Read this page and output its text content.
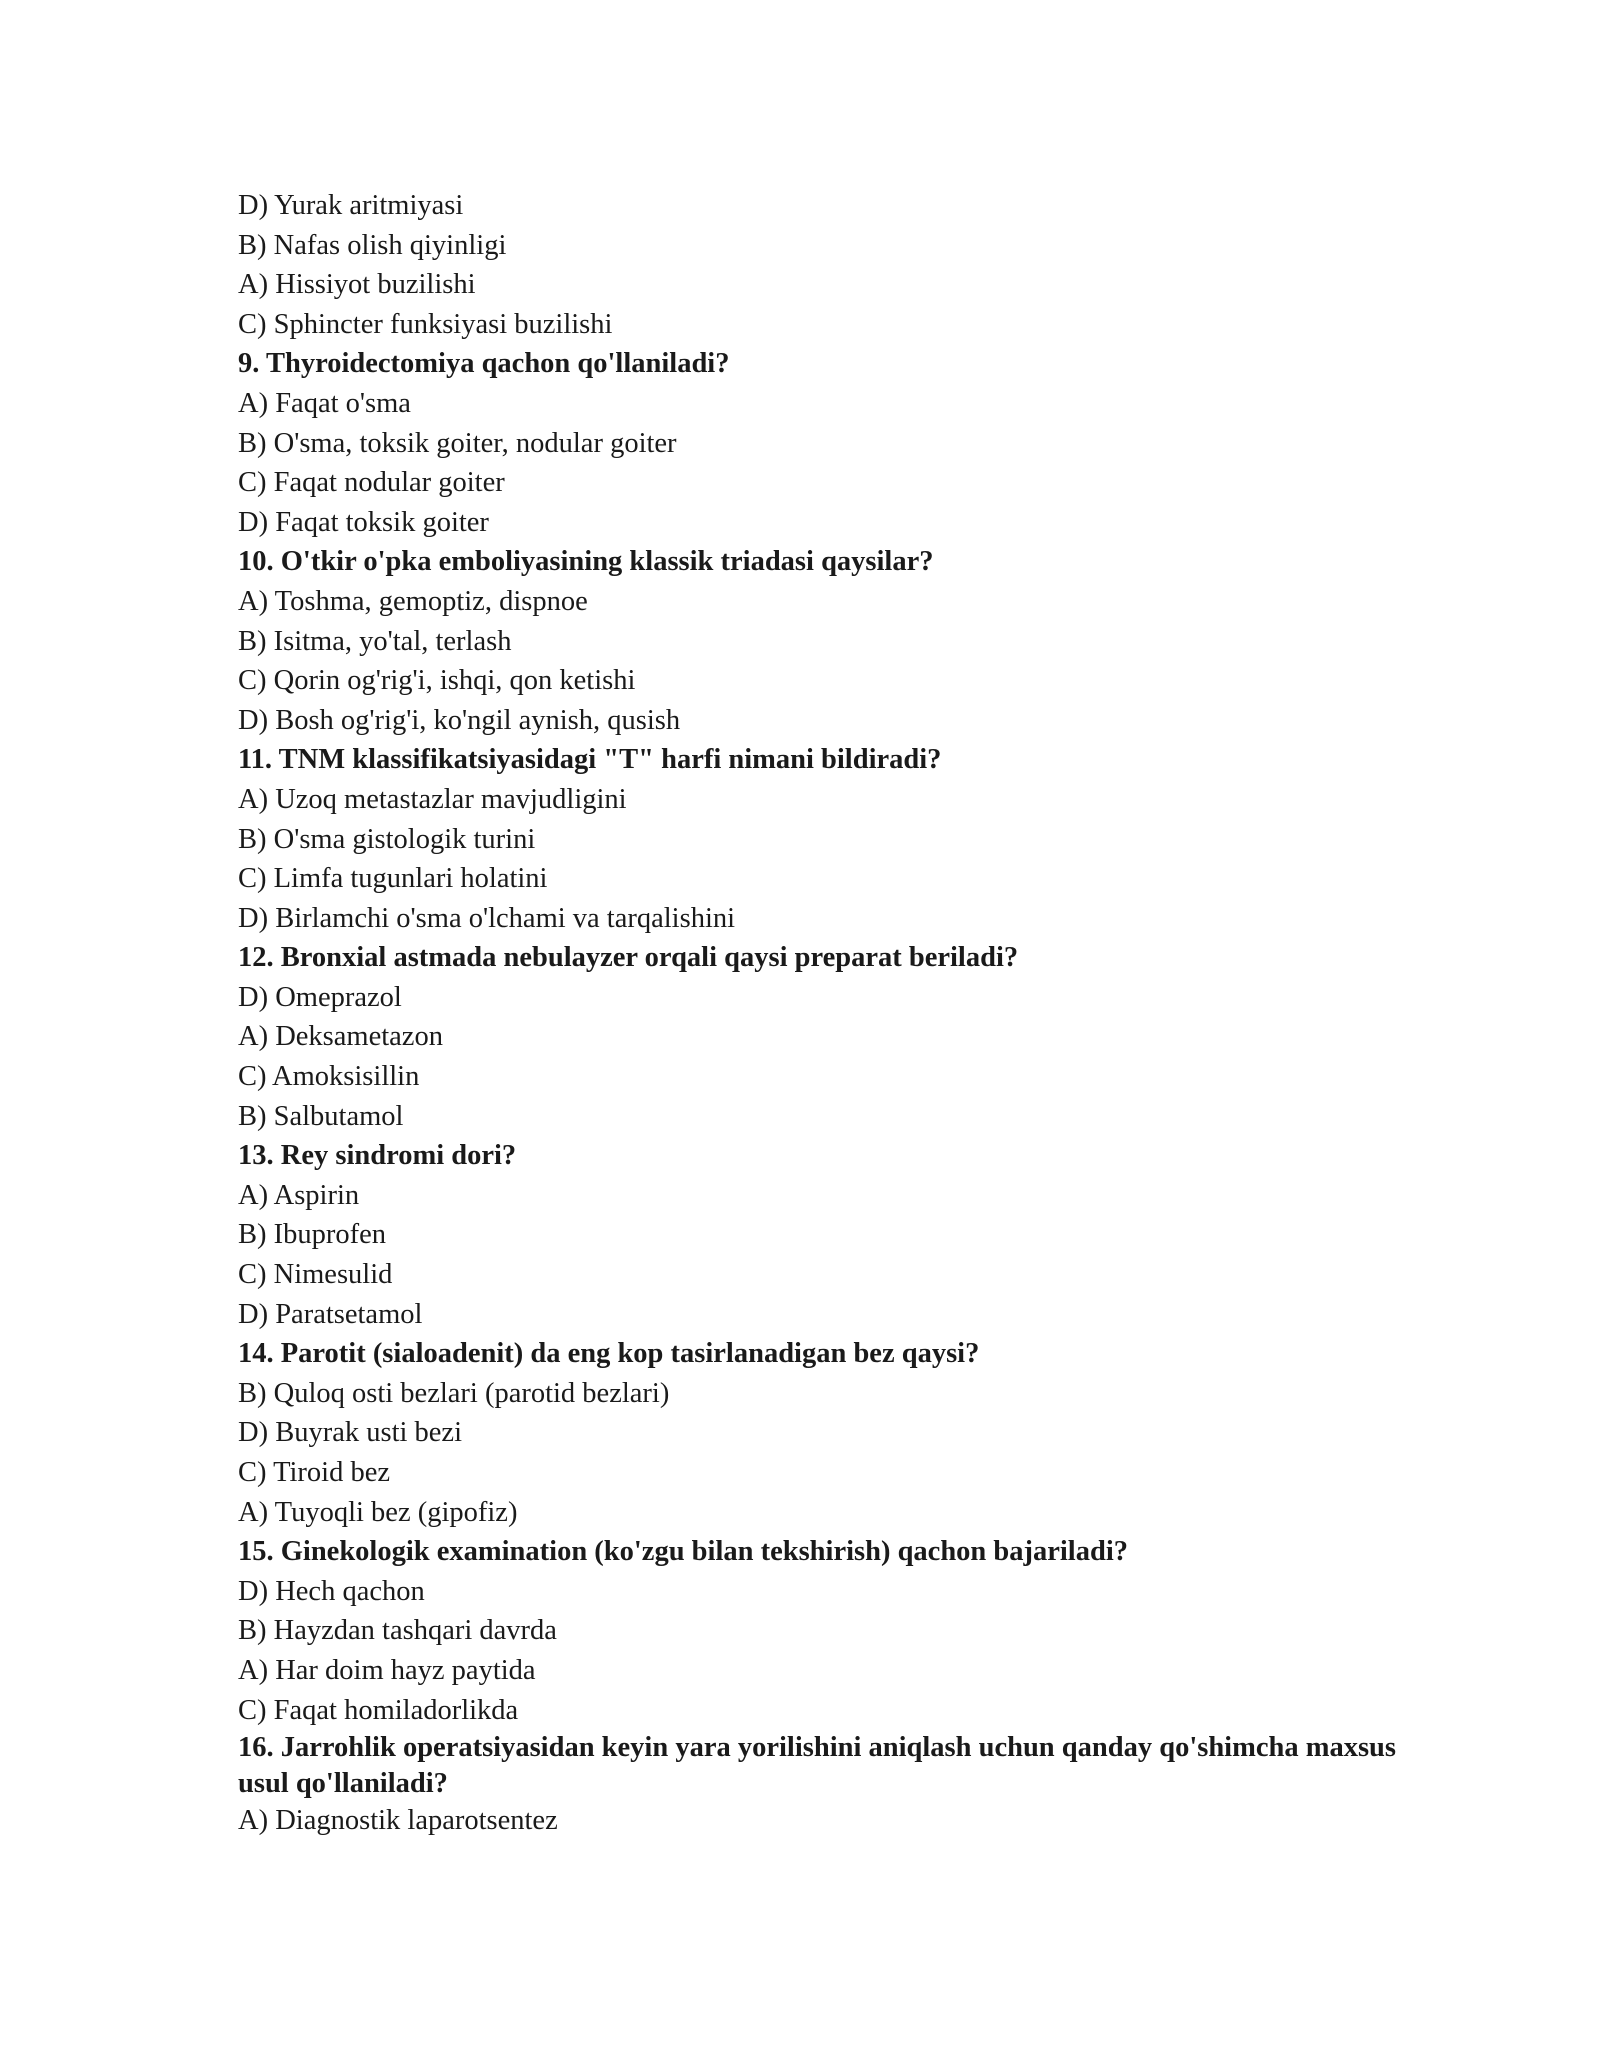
D) Yurak aritmiyasi

B) Nafas olish qiyinligi

A) Hissiyot buzilishi

C) Sphincter funksiyasi buzilishi

9. Thyroidectomiya qachon qo'llaniladi?

A) Faqat o'sma

B) O'sma, toksik goiter, nodular goiter

C) Faqat nodular goiter

D) Faqat toksik goiter

10. O'tkir o'pka emboliyasining klassik triadasi qaysilar?

A) Toshma, gemoptiz, dispnoe

B) Isitma, yo'tal, terlash

C) Qorin og'rig'i, ishqi, qon ketishi

D) Bosh og'rig'i, ko'ngil aynish, qusish

11. TNM klassifikatsiyasidagi "T" harfi nimani bildiradi?

A) Uzoq metastazlar mavjudligini

B) O'sma gistologik turini

C) Limfa tugunlari holatini

D) Birlamchi o'sma o'lchami va tarqalishini

12. Bronxial astmada nebulayzer orqali qaysi preparat beriladi?

D) Omeprazol

A) Deksametazon

C) Amoksisillin

B) Salbutamol

13. Rey sindromi dori?

A) Aspirin

B) Ibuprofen

C) Nimesulid

D) Paratsetamol

14. Parotit (sialoadenit) da eng kop tasirlanadigan bez qaysi?

B) Quloq osti bezlari (parotid bezlari)

D) Buyrak usti bezi

C) Tiroid bez

A) Tuyoqli bez (gipofiz)

15. Ginekologik examination (ko'zgu bilan tekshirish) qachon bajariladi?

D) Hech qachon

B) Hayzdan tashqari davrda

A) Har doim hayz paytida

C) Faqat homiladorlikda

16. Jarrohlik operatsiyasidan keyin yara yorilishini aniqlash uchun qanday qo'shimcha maxsus usul qo'llaniladi?

A) Diagnostik laparotsentez
